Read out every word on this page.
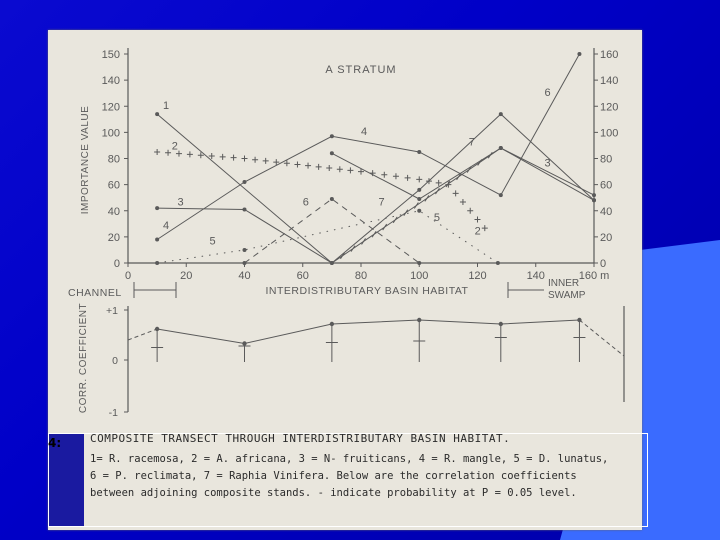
0	0
20	20
40	40
60	60
80	80
100	100
120	120
140	140
150	160
0	20	40	60	80	100	120	140	160 m
A STRATUM
IMPORTANCE VALUE
CHANNEL	INTERDISTRIBUTARY BASIN HABITAT
INNER
SWAMP
1
2
3
4
4
5
6	7
7
3
5
2
6
-1
0
+1
CORR. COEFFICIENT
4:	COMPOSITE TRANSECT THROUGH INTERDISTRIBUTARY BASIN HABITAT.
1= R. racemosa, 2 = A. africana, 3 = N- fruiticans, 4 = R. mangle, 5 = D. lunatus,
6 = P. reclimata, 7 = Raphia Vinifera. Below are the correlation coefficients
between adjoining composite stands. - indicate probability at P = 0.05 level.
